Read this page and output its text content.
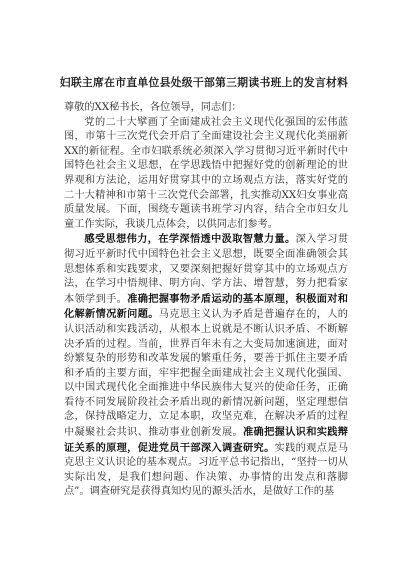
妇联主席在市直单位县处级干部第三期读书班上的发言材料

尊敬的XX秘书长，各位领导，同志们：

党的二十大擘画了全面建成社会主义现代化强国的宏伟蓝图，市第十三次党代会开启了全面建设社会主义现代化美丽新XX的新征程。全市妇联系统必须深入学习贯彻习近平新时代中国特色社会主义思想，在学思践悟中把握好党的创新理论的世界观和方法论，运用好贯穿其中的立场观点方法，落实好党的二十大精神和市第十三次党代会部署，扎实推动XX妇女事业高质量发展。下面，围绕专题读书班学习内容，结合全市妇女儿童工作实际，我谈几点体会，以供同志们参考。

感受思想伟力，在学深悟透中汲取智慧力量。深入学习贯彻习近平新时代中国特色社会主义思想，既要全面准确领会其思想体系和实践要求，又要深刻把握好贯穿其中的立场观点方法，在学习中悟规律、明方向、学方法、增智慧，努力把看家本领学到手。准确把握事物矛盾运动的基本原理，积极面对和化解新情况新问题。马克思主义认为矛盾是普遍存在的，人的认识活动和实践活动，从根本上说就是不断认识矛盾、不断解决矛盾的过程。当前，世界百年未有之大变局加速演进，面对纷繁复杂的形势和改革发展的繁重任务，要善于抓住主要矛盾和矛盾的主要方面，牢牢把握全面建成社会主义现代化强国、以中国式现代化全面推进中华民族伟大复兴的使命任务，正确看待不同发展阶段社会矛盾出现的新情况新问题，坚定理想信念，保持战略定力，立足本职，攻坚克难，在解决矛盾的过程中凝聚社会共识、推动事业创新发展。准确把握认识和实践辩证关系的原理，促进党员干部深入调查研究。实践的观点是马克思主义认识论的基本观点。习近平总书记指出，“坚持一切从实际出发，是我们想问题、作决策、办事情的出发点和落脚点”。调查研究是获得真知灼见的源头活水，是做好工作的基
